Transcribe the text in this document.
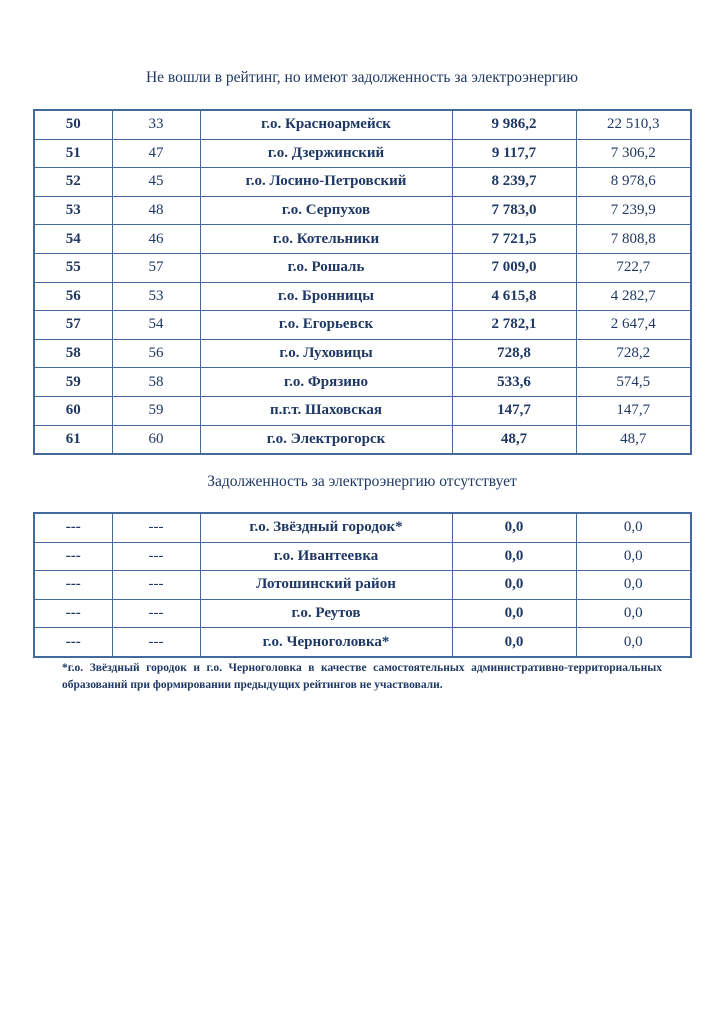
Не вошли в рейтинг, но имеют задолженность за электроэнергию
50	33	г.о. Красноармейск	9 986,2	22 510,3
51	47	г.о. Дзержинский	9 117,7	7 306,2
52	45	г.о. Лосино-Петровский	8 239,7	8 978,6
53	48	г.о. Серпухов	7 783,0	7 239,9
54	46	г.о. Котельники	7 721,5	7 808,8
55	57	г.о. Рошаль	7 009,0	722,7
56	53	г.о. Бронницы	4 615,8	4 282,7
57	54	г.о. Егорьевск	2 782,1	2 647,4
58	56	г.о. Луховицы	728,8	728,2
59	58	г.о. Фрязино	533,6	574,5
60	59	п.г.т. Шаховская	147,7	147,7
61	60	г.о. Электрогорск	48,7	48,7
Задолженность за электроэнергию отсутствует
---	---	г.о. Звёздный городок*	0,0	0,0
---	---	г.о. Ивантеевка	0,0	0,0
---	---	Лотошинский район	0,0	0,0
---	---	г.о. Реутов	0,0	0,0
---	---	г.о. Черноголовка*	0,0	0,0
*г.о. Звёздный городок и г.о. Черноголовка в качестве самостоятельных административно-территориальных
образований при формировании предыдущих рейтингов не участвовали.
